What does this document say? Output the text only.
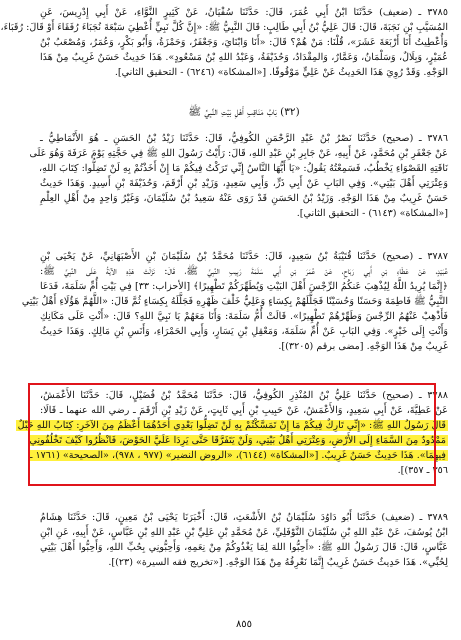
٣٧٨٥ ـ (ضعيف) حَدَّثَنَا ابْنُ أَبِي عُمَرَ، قَالَ: حَدَّثَنَا سُفْيَانُ، عَنْ كَثِيرٍ النَّوَّاءِ، عَنْ أَبِي إِدْرِيسَ، عَنِ
المُسَيَّبِ بْنِ نَجَبَةَ، قَالَ: قَالَ عَلِيُّ بْنُ أَبِي طَالِبٍ: قَالَ النَّبِيُّ ﷺ: «إِنَّ كُلَّ نَبِيٍّ أُعْطِيَ سَبْعَةَ نُجَبَاءَ رُفَقَاءَ أَوْ قَالَ: رُقَبَاءَ،
وَأُعْطِيتُ أَنَا أَرْبَعَةَ عَشَرَ»، قُلْنَا: مَنْ هُمْ؟ قَالَ: «أَنَا وَابْنَايَ، وَجَعْفَرٌ، وَحَمْزَةُ، وَأَبُو بَكْرٍ، وَعُمَرُ، وَمُصْعَبُ بْنُ
عُمَيْرٍ، وَبِلَالٌ، وَسَلْمَانُ، وَعَمَّارٌ، وَالمِقْدَادُ، وَحُذَيْفَةُ، وَعَبْدُ اللهِ بْنُ مَسْعُودٍ». هَذَا حَدِيثٌ حَسَنٌ غَرِيبٌ مِنْ هَذَا
الوَجْهِ. وَقَدْ رُوِيَ هَذَا الحَدِيثُ عَنْ عَلِيٍّ مَوْقُوفًا. [«المشكاة» (٦٢٤٦) - التحقيق الثاني].
(٣٢) بَابُ مَنَاقِبِ أَهْلِ بَيْتِ النَّبِيِّ ﷺ
٣٧٨٦ ـ (صحيح) حَدَّثَنَا نَصْرُ بْنُ عَبْدِ الرَّحْمَنِ الكُوفِيُّ، قَالَ: حَدَّثَنَا زَيْدُ بْنُ الحَسَنِ ـ هُوَ الأَنْمَاطِيُّ ـ
عَنْ جَعْفَرِ بْنِ مُحَمَّدٍ، عَنْ أَبِيهِ، عَنْ جَابِرِ بْنِ عَبْدِ اللهِ، قَالَ: رَأَيْتُ رَسُولَ اللهِ ﷺ فِي حَجَّتِهِ يَوْمَ عَرَفَةَ وَهُوَ عَلَى
نَاقَتِهِ القَصْوَاءِ يَخْطُبُ، فَسَمِعْتُهُ يَقُولُ: «يَا أَيُّهَا النَّاسُ إِنِّي تَرَكْتُ فِيكُمْ مَا إِنْ أَخَذْتُمْ بِهِ لَنْ تَضِلُّوا: كِتَابَ اللهِ،
وَعِتْرَتِي أَهْلَ بَيْتِي». وَفِي البَابِ عَنْ أَبِي ذَرٍّ، وَأَبِي سَعِيدٍ، وَزَيْدِ بْنِ أَرْقَمَ، وَحُذَيْفَةَ بْنِ أَسِيدٍ. وَهَذَا حَدِيثٌ
حَسَنٌ غَرِيبٌ مِنْ هَذَا الوَجْهِ. وَزَيْدُ بْنُ الحَسَنِ قَدْ رَوَى عَنْهُ سَعِيدُ بْنُ سُلَيْمَانَ، وَغَيْرُ وَاحِدٍ مِنْ أَهْلِ العِلْمِ
[«المشكاة» (٦١٤٣) - التحقيق الثاني].
٣٧٨٧ ـ (صحيح) حَدَّثَنَا قُتَيْبَةُ بْنُ سَعِيدٍ، قَالَ: حَدَّثَنَا مُحَمَّدُ بْنُ سُلَيْمَانَ بْنِ الأَصْبَهَانِيِّ، عَنْ يَحْيَى بْنِ
عُبَيْدٍ، عَنْ عَطَاءِ بْنِ أَبِي رَبَاحٍ، عَنْ عُمَرَ بْنِ أَبِي سَلَمَةَ رَبِيبِ النَّبِيِّ ﷺ، قَالَ: نَزَلَتْ هَذِهِ الآيَةُ عَلَى النَّبِيِّ ﷺ:
﴿إِنَّمَا يُرِيدُ اللَّهُ لِيُذْهِبَ عَنكُمُ الرِّجْسَ أَهْلَ البَيْتِ وَيُطَهِّرَكُمْ تَطْهِيرًا﴾ [الأحزاب: ٣٣] فِي بَيْتِ أُمِّ سَلَمَةَ، فَدَعَا
النَّبِيُّ ﷺ فَاطِمَةَ وَحَسَنًا وَحُسَيْنًا فَجَلَّلَهُمْ بِكِسَاءٍ وَعَلِيٌّ خَلْفَ ظَهْرِهِ فَجَلَّلَهُ بِكِسَاءٍ ثُمَّ قَالَ: «اللَّهُمَّ هَؤُلَاءِ أَهْلُ بَيْتِي
فَأَذْهِبْ عَنْهُمُ الرِّجْسَ وَطَهِّرْهُمْ تَطْهِيرًا». قَالَتْ أُمُّ سَلَمَةَ: وَأَنَا مَعَهُمْ يَا نَبِيَّ اللهِ؟ قَالَ: «أَنْتِ عَلَى مَكَانِكِ
وَأَنْتِ إِلَى خَيْرٍ». وَفِي البَابِ عَنْ أُمِّ سَلَمَةَ، وَمَعْقِلِ بْنِ يَسَارٍ، وَأَبِي الحَمْرَاءِ، وَأَنَسِ بْنِ مَالِكٍ. وَهَذَا حَدِيثٌ
غَرِيبٌ مِنْ هَذَا الوَجْهِ. [مضى برقم (٣٢٠٥)].
٣٧٨٨ ـ (صحيح) حَدَّثَنَا عَلِيُّ بْنُ المُنْذِرِ الكُوفِيُّ، قَالَ: حَدَّثَنَا مُحَمَّدُ بْنُ فُضَيْلٍ، قَالَ: حَدَّثَنَا الأَعْمَشُ،
عَنْ عَطِيَّةَ، عَنْ أَبِي سَعِيدٍ، وَالأَعْمَشُ، عَنْ حَبِيبِ بْنِ أَبِي ثَابِتٍ، عَنْ زَيْدِ بْنِ أَرْقَمَ ـ رضي الله عنهما ـ قَالَا:
قَالَ رَسُولُ اللهِ ﷺ: «إِنِّي تَارِكٌ فِيكُمْ مَا إِنْ تَمَسَّكْتُمْ بِهِ لَنْ تَضِلُّوا بَعْدِي أَحَدُهُمَا أَعْظَمُ مِنَ الآخَرِ: كِتَابُ اللهِ حَبْلٌ
مَمْدُودٌ مِنَ السَّمَاءِ إِلَى الأَرْضِ، وَعِتْرَتِي أَهْلُ بَيْتِي، وَلَنْ يَتَفَرَّقَا حَتَّى يَرِدَا عَلَيَّ الحَوْضَ، فَانْظُرُوا كَيْفَ تَخْلُفُونِي
فِيهِمَا». هَذَا حَدِيثٌ حَسَنٌ غَرِيبٌ. [«المشكاة» (٦١٤٤)، «الروض النضير» (٩٧٧ ، ٩٧٨)، «الصحيحة» (١٧٦١ ـ
٣٥٦ ـ ٣٥٧)].
٣٧٨٩ ـ (ضعيف) حَدَّثَنَا أَبُو دَاوُدَ سُلَيْمَانُ بْنُ الأَشْعَثِ، قَالَ: أَخْبَرَنَا يَحْيَى بْنُ مَعِينٍ، قَالَ: حَدَّثَنَا هِشَامُ
ابْنُ يُوسُفَ، عَنْ عَبْدِ اللهِ بْنِ سُلَيْمَانَ النَّوْفَلِيِّ، عَنْ مُحَمَّدِ بْنِ عَلِيِّ بْنِ عَبْدِ اللهِ بْنِ عَبَّاسٍ، عَنْ أَبِيهِ، عَنِ ابْنِ
عَبَّاسٍ، قَالَ: قَالَ رَسُولُ اللهِ ﷺ: «أَحِبُّوا اللهَ لِمَا يَغْذُوكُمْ مِنْ نِعَمِهِ، وَأَحِبُّونِي بِحُبِّ اللهِ، وَأَحِبُّوا أَهْلَ بَيْتِي
لِحُبِّي». هَذَا حَدِيثٌ حَسَنٌ غَرِيبٌ إِنَّمَا نَعْرِفُهُ مِنْ هَذَا الوَجْهِ. [«تخريج فقه السيرة» (٢٣)].
٨٥٥
